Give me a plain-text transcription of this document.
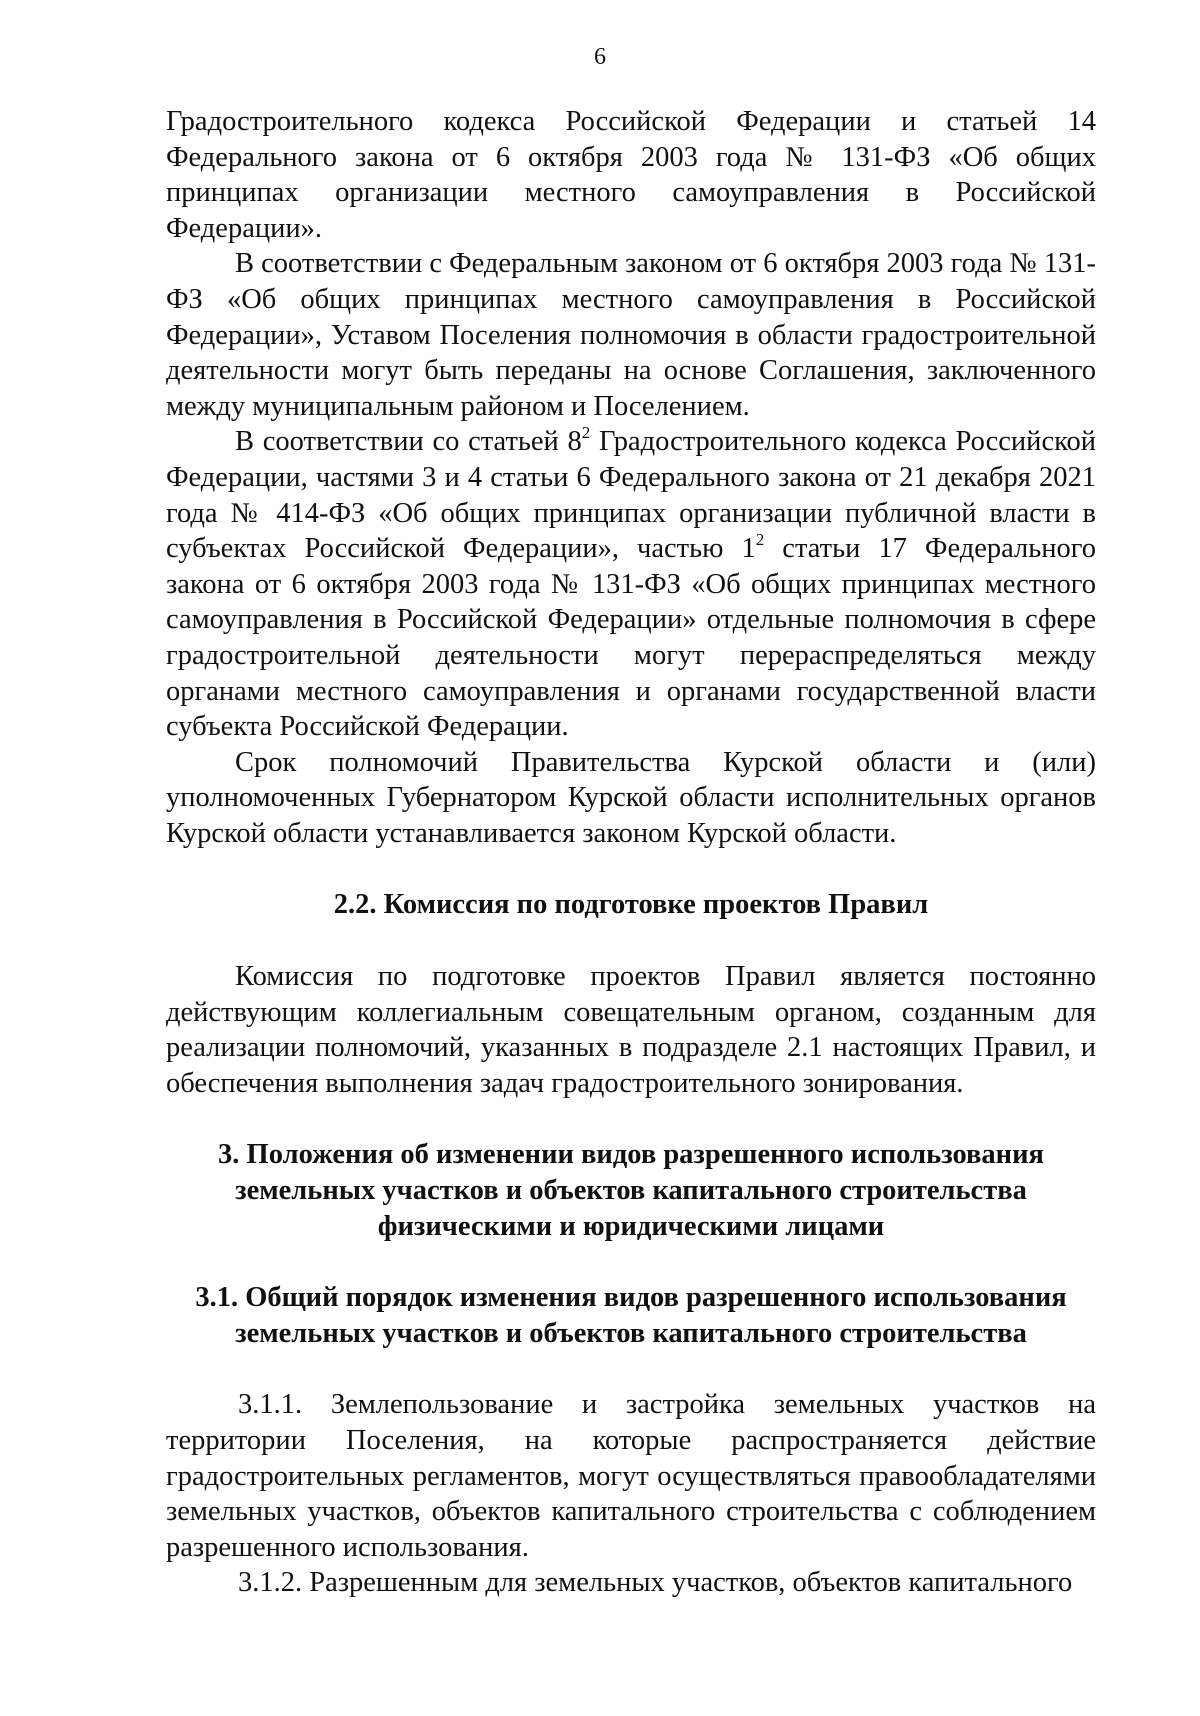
6

Градостроительного кодекса Российской Федерации и статьей 14 Федерального закона от 6 октября 2003 года № 131-ФЗ «Об общих принципах организации местного самоуправления в Российской Федерации».

В соответствии с Федеральным законом от 6 октября 2003 года № 131-ФЗ «Об общих принципах местного самоуправления в Российской Федерации», Уставом Поселения полномочия в области градостроительной деятельности могут быть переданы на основе Соглашения, заключенного между муниципальным районом и Поселением.

В соответствии со статьей $8^2$ Градостроительного кодекса Российской Федерации, частями 3 и 4 статьи 6 Федерального закона от 21 декабря 2021 года № 414-ФЗ «Об общих принципах организации публичной власти в субъектах Российской Федерации», частью $1^2$ статьи 17 Федерального закона от 6 октября 2003 года № 131-ФЗ «Об общих принципах местного самоуправления в Российской Федерации» отдельные полномочия в сфере градостроительной деятельности могут перераспределяться между органами местного самоуправления и органами государственной власти субъекта Российской Федерации.

Срок полномочий Правительства Курской области и (или) уполномоченных Губернатором Курской области исполнительных органов Курской области устанавливается законом Курской области.

2.2. Комиссия по подготовке проектов Правил

Комиссия по подготовке проектов Правил является постоянно действующим коллегиальным совещательным органом, созданным для реализации полномочий, указанных в подразделе 2.1 настоящих Правил, и обеспечения выполнения задач градостроительного зонирования.

3. Положения об изменении видов разрешенного использования
земельных участков и объектов капитального строительства
физическими и юридическими лицами
3.1. Общий порядок изменения видов разрешенного использования
земельных участков и объектов капитального строительства

3.1.1. Землепользование и застройка земельных участков на территории Поселения, на которые распространяется действие градостроительных регламентов, могут осуществляться правообладателями земельных участков, объектов капитального строительства с соблюдением разрешенного использования.

3.1.2. Разрешенным для земельных участков, объектов капитального
